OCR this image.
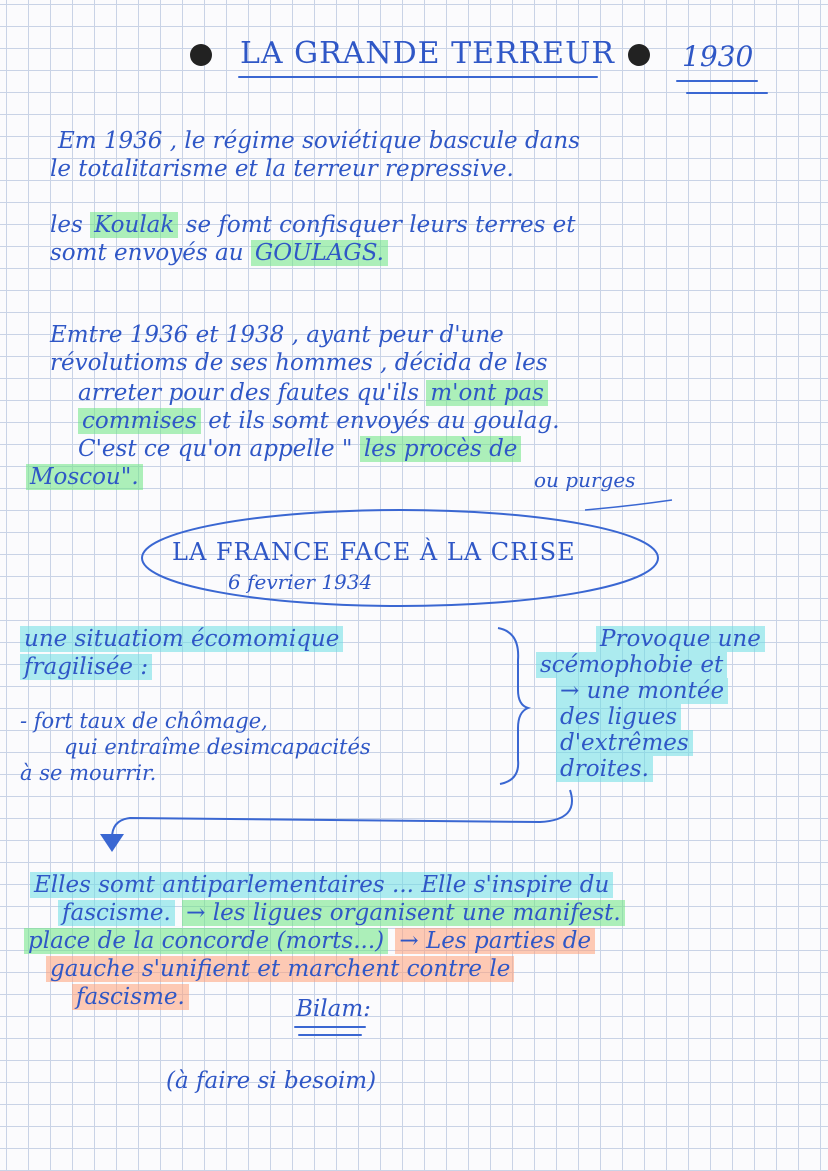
LA GRANDE TERREUR 1930
Em 1936 , le régime soviétique bascule dans
le totalitarisme et la terreur repressive.
les Koulak se fomt confisquer leurs terres et
somt envoyés au GOULAGS.
Emtre 1936 et 1938 , ayant peur d'une
révolutioms de ses hommes , décida de les
arreter pour des fautes qu'ils m'ont pas
commises et ils somt envoyés au goulag.
C'est ce qu'on appelle " les procès de
Moscou".	ou purges
LA FRANCE FACE À LA CRISE
6 fevrier 1934
une situatiom écomomique
fragilisée :
- fort taux de chômage,
qui entraîme desimcapacités
à se mourrir.
Provoque une
scémophobie et
→ une montée
des ligues
d'extrêmes
droites.
Elles somt antiparlementaires ... Elle s'inspire du
fascisme. → les ligues organisent une manifest.
place de la concorde (morts...) → Les parties de
gauche s'unifient et marchent contre le
fascisme.	Bilam:
(à faire si besoim)
